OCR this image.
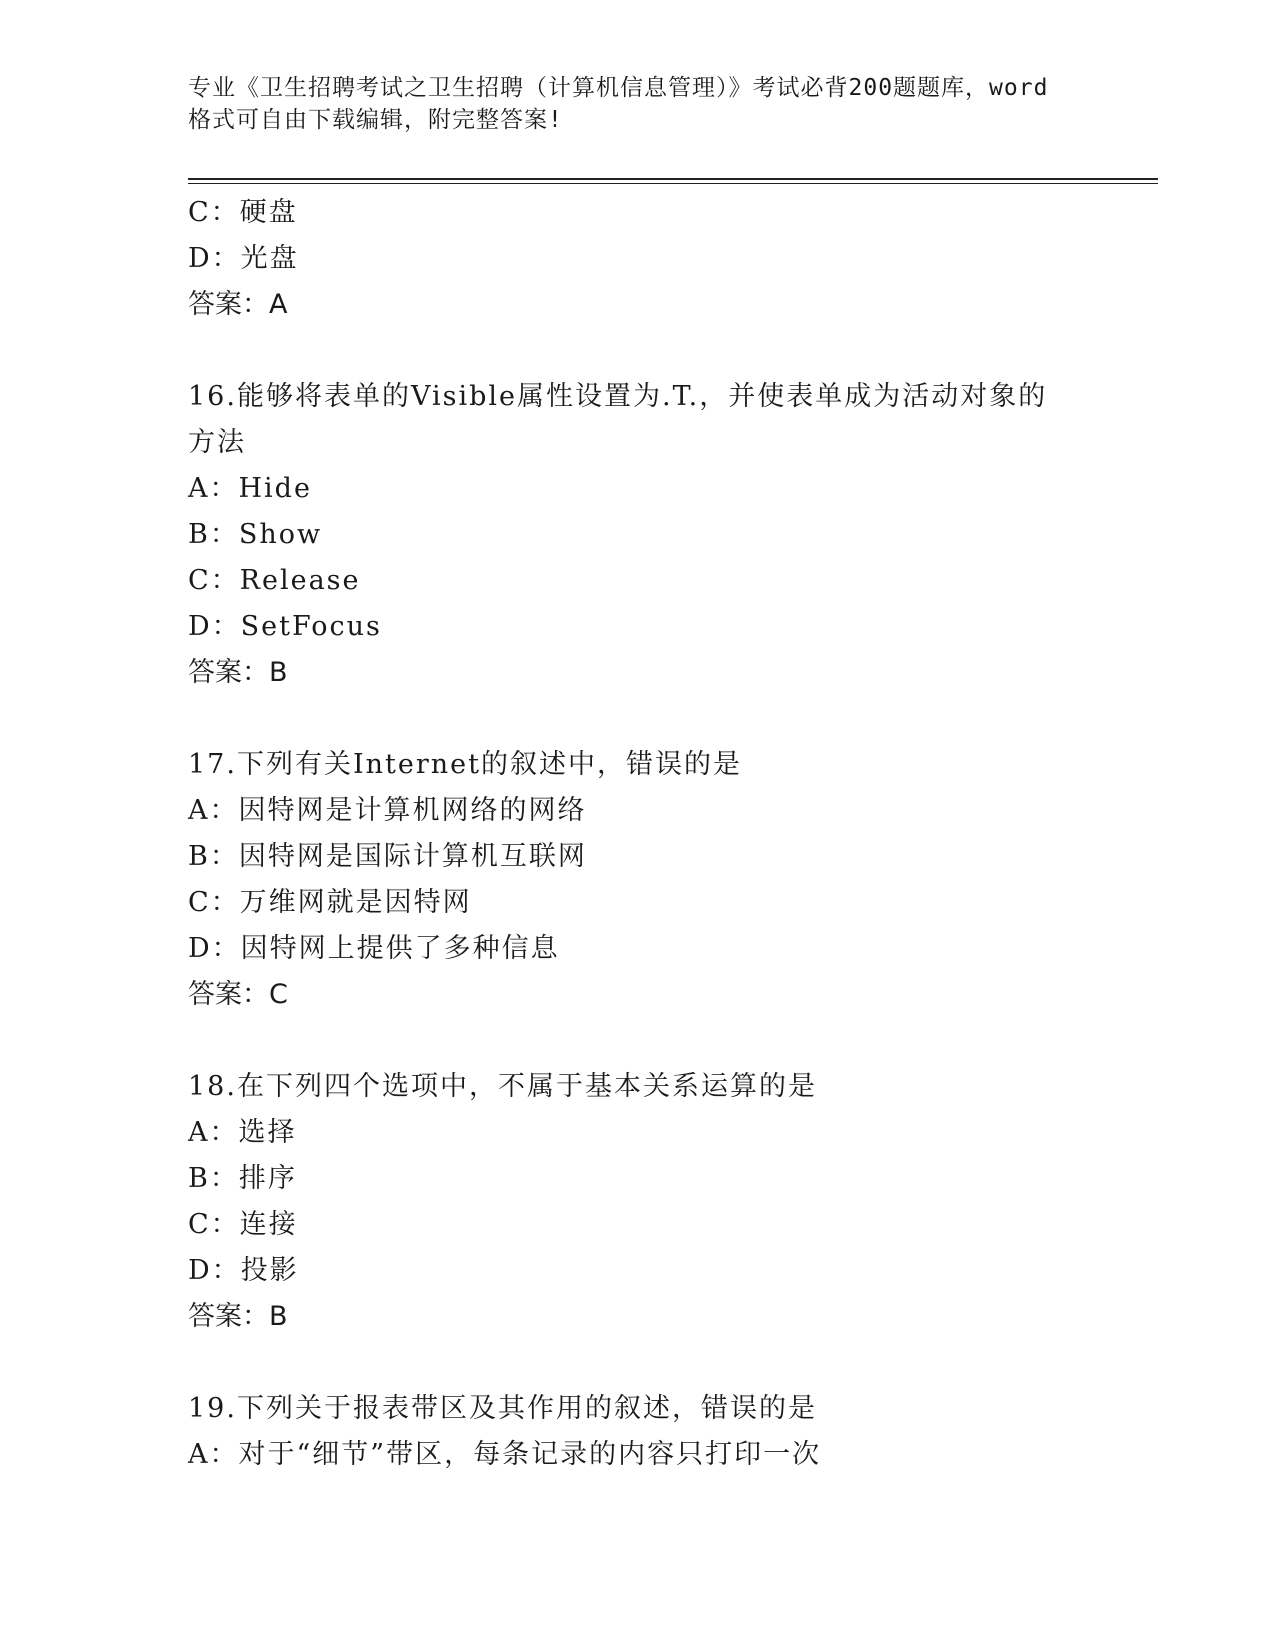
专业《卫生招聘考试之卫生招聘（计算机信息管理）》考试必背200题题库，word
格式可自由下载编辑，附完整答案!
C：硬盘
D：光盘
答案：A
16.能够将表单的Visible属性设置为.T.，并使表单成为活动对象的
方法
A：Hide
B：Show
C：Release
D：SetFocus
答案：B
17.下列有关Internet的叙述中，错误的是
A：因特网是计算机网络的网络
B：因特网是国际计算机互联网
C：万维网就是因特网
D：因特网上提供了多种信息
答案：C
18.在下列四个选项中，不属于基本关系运算的是
A：选择
B：排序
C：连接
D：投影
答案：B
19.下列关于报表带区及其作用的叙述，错误的是
A：对于“细节”带区，每条记录的内容只打印一次
